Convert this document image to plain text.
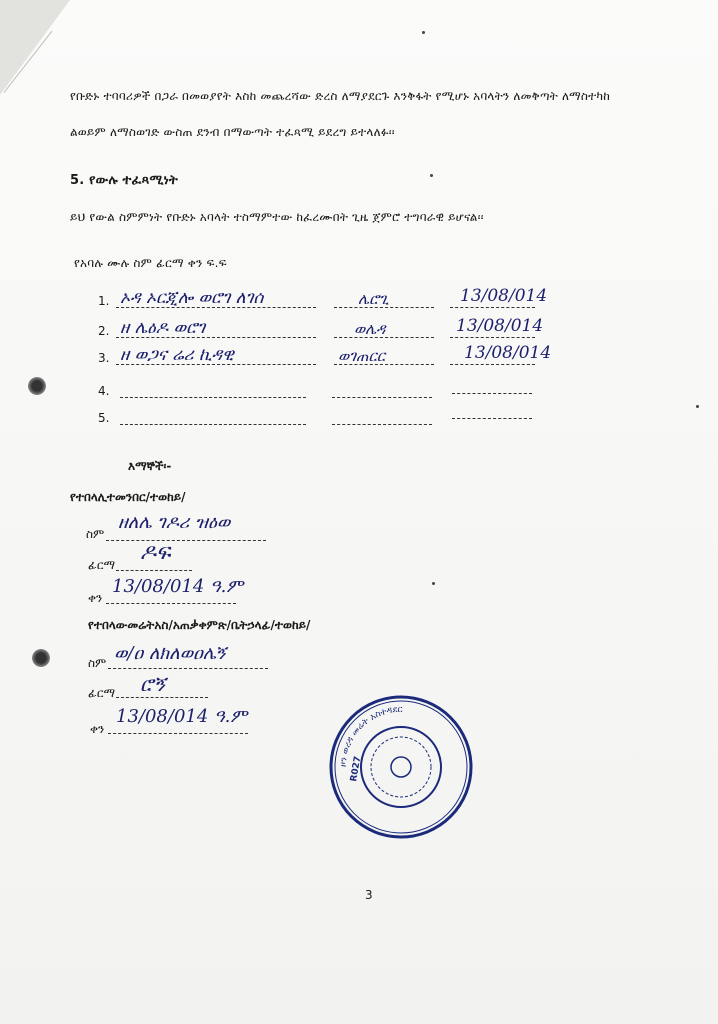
የቡድኑ ተባባሪዎች በጋራ በመወያየት እስከ መጨረሻው ድረስ ለማያደርጉ እንቅፋት የሚሆኑ አባላትን ለመቅጣት ለማስተካከ
ልወይም ለማስወገድ ውስጠ ደንብ በማውጣት ተፈጻሚ ይደረግ ይተላለፉ፡፡
5. የውሉ ተፈጻሚነት
ይህ የውል ስምምነት የቡድኑ አባላት ተስማምተው ከፈረሙበት ጊዜ ጀምሮ ተግባራዊ ይሆናል፡፡
የአባሉ ሙሉ ስም ፊርማ ቀን ፍ.ፍ
1. ኦዳ ኦርጂሎ ወሮገ ለገሰ	ሌሮጊ	13/08/014
2. ዘ ሌዕዶ ወሮገ	ወሌዳ	13/08/014
3. ዘ ወጋና ሬሪ ኪዳዊ	ወገጠርር	13/08/014
4.
5.
እማኞች፡-
የተበላሊተመንበር/ተወከይ/
ስም
ዘለሌ ገዶሪ ዝዕወ
ፊርማ ዶፍ
ቀን
13/08/014 ዓ.ም
የተበላውመሬትአስ/አጠቃቀምጽ/ቤትኃላፊ/ተወከይ/
ስም ወ/ዐ ለክለወዐሌኝ
ፊርማ ሮኝ
ቀን
13/08/014 ዓ.ም
ዞን ወረዳ መሬት አስተዳደር
R027
3
